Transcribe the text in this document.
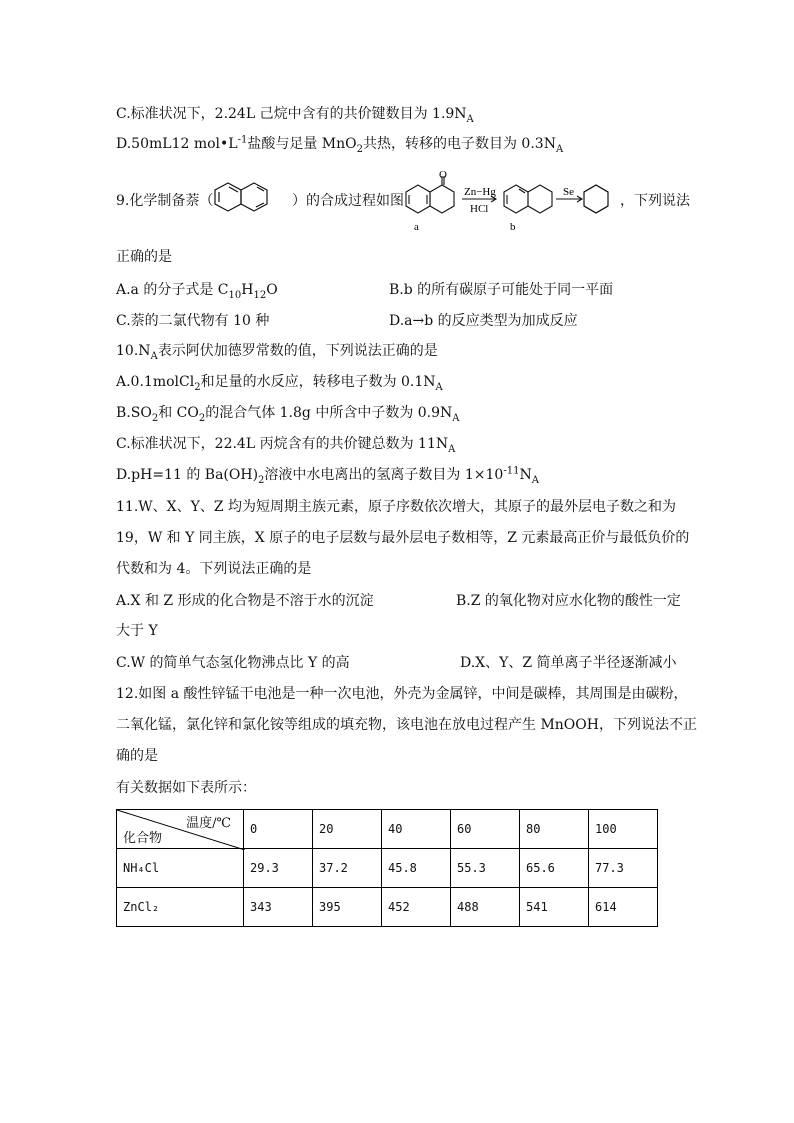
C.标准状况下，2.24L 己烷中含有的共价键数目为 $1.9N_A$
D.50mL12 $mol•L^{-1}$盐酸与足量 MnO$_2$共热，转移的电子数目为 $0.3N_A$
9.化学制备萘（	）的合成过程如图
O
Zn−Hg
HCl
Se
a	b
，下列说法
正确的是
A.a 的分子式是 $C_{10}H_{12}O$	B.b 的所有碳原子可能处于同一平面
C.萘的二氯代物有 10 种	D.a→b 的反应类型为加成反应
$10.N_A$表示阿伏加德罗常数的值，下列说法正确的是
A.0.1molCl$_2$和足量的水反应，转移电子数为 $0.1N_A$
$B.SO_2$和 $CO_2$的混合气体 1.8g 中所含中子数为 $0.9N_A$
C.标准状况下，22.4L 丙烷含有的共价键总数为 $11N_A$
D.pH=11 的 $Ba(OH)_2$溶液中水电离出的氢离子数目为 $1\times 10^{-11}N_A$
11.W、X、Y、Z 均为短周期主族元素，原子序数依次增大，其原子的最外层电子数之和为
19，W 和 Y 同主族，X 原子的电子层数与最外层电子数相等，Z 元素最高正价与最低负价的
代数和为 4。下列说法正确的是
A.X 和 Z 形成的化合物是不溶于水的沉淀	B.Z 的氧化物对应水化物的酸性一定
大于 Y
C.W 的简单气态氢化物沸点比 Y 的高	D.X、Y、Z 简单离子半径逐渐减小
12.如图 a 酸性锌锰干电池是一种一次电池，外壳为金属锌，中间是碳棒，其周围是由碳粉，
二氧化锰，氯化锌和氯化铵等组成的填充物，该电池在放电过程产生 MnOOH，下列说法不正
确的是
有关数据如下表所示：
温度/℃
化合物	0	20	40	60	80	100
NH₄Cl	29.3	37.2	45.8	55.3	65.6	77.3
ZnCl₂	343	395	452	488	541	614
